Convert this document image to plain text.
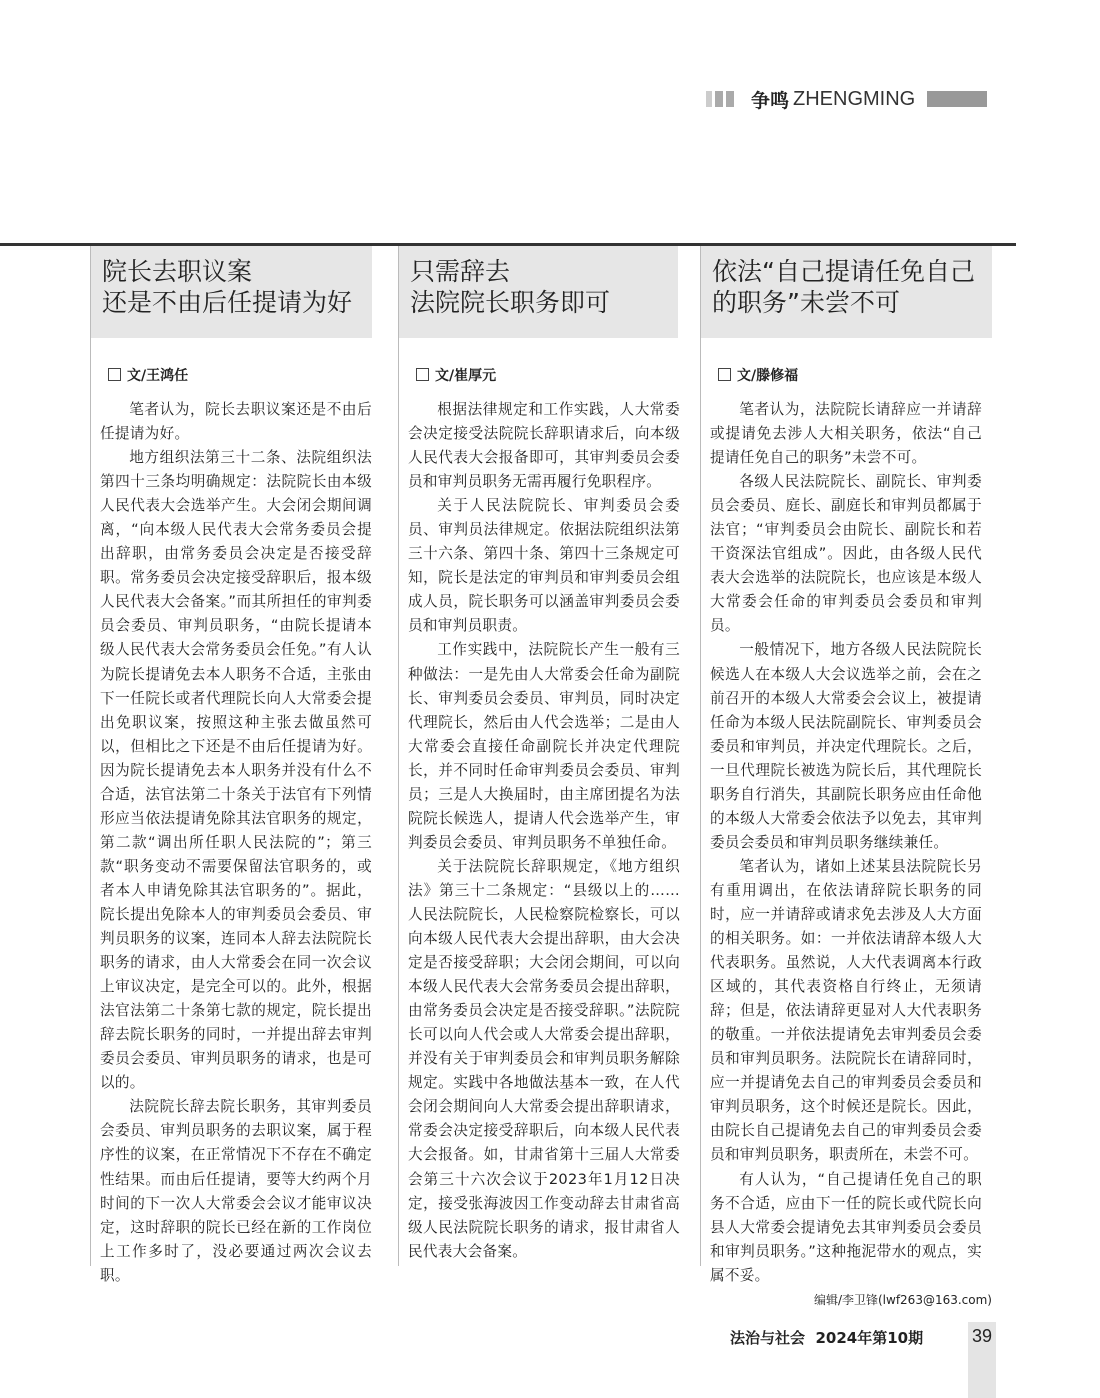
争鸣 ZHENGMING
院长去职议案
还是不由后任提请为好
文/王鸿任

笔者认为，院长去职议案还是不由后任提请为好。

地方组织法第三十二条、法院组织法第四十三条均明确规定：法院院长由本级人民代表大会选举产生。大会闭会期间调离，“向本级人民代表大会常务委员会提出辞职，由常务委员会决定是否接受辞职。常务委员会决定接受辞职后，报本级人民代表大会备案。”而其所担任的审判委员会委员、审判员职务，“由院长提请本级人民代表大会常务委员会任免。”有人认为院长提请免去本人职务不合适，主张由下一任院长或者代理院长向人大常委会提出免职议案，按照这种主张去做虽然可以，但相比之下还是不由后任提请为好。因为院长提请免去本人职务并没有什么不合适，法官法第二十条关于法官有下列情形应当依法提请免除其法官职务的规定，第二款“调出所任职人民法院的”；第三款“职务变动不需要保留法官职务的，或者本人申请免除其法官职务的”。据此，院长提出免除本人的审判委员会委员、审判员职务的议案，连同本人辞去法院院长职务的请求，由人大常委会在同一次会议上审议决定，是完全可以的。此外，根据法官法第二十条第七款的规定，院长提出辞去院长职务的同时，一并提出辞去审判委员会委员、审判员职务的请求，也是可以的。

法院院长辞去院长职务，其审判委员会委员、审判员职务的去职议案，属于程序性的议案，在正常情况下不存在不确定性结果。而由后任提请，要等大约两个月时间的下一次人大常委会会议才能审议决定，这时辞职的院长已经在新的工作岗位上工作多时了，没必要通过两次会议去职。

只需辞去
法院院长职务即可
文/崔厚元

根据法律规定和工作实践，人大常委会决定接受法院院长辞职请求后，向本级人民代表大会报备即可，其审判委员会委员和审判员职务无需再履行免职程序。

关于人民法院院长、审判委员会委员、审判员法律规定。依据法院组织法第三十六条、第四十条、第四十三条规定可知，院长是法定的审判员和审判委员会组成人员，院长职务可以涵盖审判委员会委员和审判员职责。

工作实践中，法院院长产生一般有三种做法：一是先由人大常委会任命为副院长、审判委员会委员、审判员，同时决定代理院长，然后由人代会选举；二是由人大常委会直接任命副院长并决定代理院长，并不同时任命审判委员会委员、审判员；三是人大换届时，由主席团提名为法院院长候选人，提请人代会选举产生，审判委员会委员、审判员职务不单独任命。

关于法院院长辞职规定，《地方组织法》第三十二条规定：“县级以上的……人民法院院长，人民检察院检察长，可以向本级人民代表大会提出辞职，由大会决定是否接受辞职；大会闭会期间，可以向本级人民代表大会常务委员会提出辞职，由常务委员会决定是否接受辞职。”法院院长可以向人代会或人大常委会提出辞职，并没有关于审判委员会和审判员职务解除规定。实践中各地做法基本一致，在人代会闭会期间向人大常委会提出辞职请求，常委会决定接受辞职后，向本级人民代表大会报备。如，甘肃省第十三届人大常委会第三十六次会议于2023年1月12日决定，接受张海波因工作变动辞去甘肃省高级人民法院院长职务的请求，报甘肃省人民代表大会备案。

依法“自己提请任免自己
的职务”未尝不可
文/滕修福

笔者认为，法院院长请辞应一并请辞或提请免去涉人大相关职务，依法“自己提请任免自己的职务”未尝不可。

各级人民法院院长、副院长、审判委员会委员、庭长、副庭长和审判员都属于法官；“审判委员会由院长、副院长和若干资深法官组成”。因此，由各级人民代表大会选举的法院院长，也应该是本级人大常委会任命的审判委员会委员和审判员。

一般情况下，地方各级人民法院院长候选人在本级人大会议选举之前，会在之前召开的本级人大常委会会议上，被提请任命为本级人民法院副院长、审判委员会委员和审判员，并决定代理院长。之后，一旦代理院长被选为院长后，其代理院长职务自行消失，其副院长职务应由任命他的本级人大常委会依法予以免去，其审判委员会委员和审判员职务继续兼任。

笔者认为，诸如上述某县法院院长另有重用调出，在依法请辞院长职务的同时，应一并请辞或请求免去涉及人大方面的相关职务。如：一并依法请辞本级人大代表职务。虽然说，人大代表调离本行政区域的，其代表资格自行终止，无须请辞；但是，依法请辞更显对人大代表职务的敬重。一并依法提请免去审判委员会委员和审判员职务。法院院长在请辞同时，应一并提请免去自己的审判委员会委员和审判员职务，这个时候还是院长。因此，由院长自己提请免去自己的审判委员会委员和审判员职务，职责所在，未尝不可。

有人认为，“自己提请任免自己的职务不合适，应由下一任的院长或代院长向县人大常委会提请免去其审判委员会委员和审判员职务。”这种拖泥带水的观点，实属不妥。

编辑/李卫锋(lwf263@163.com)
法治与社会 2024年第10期	39
